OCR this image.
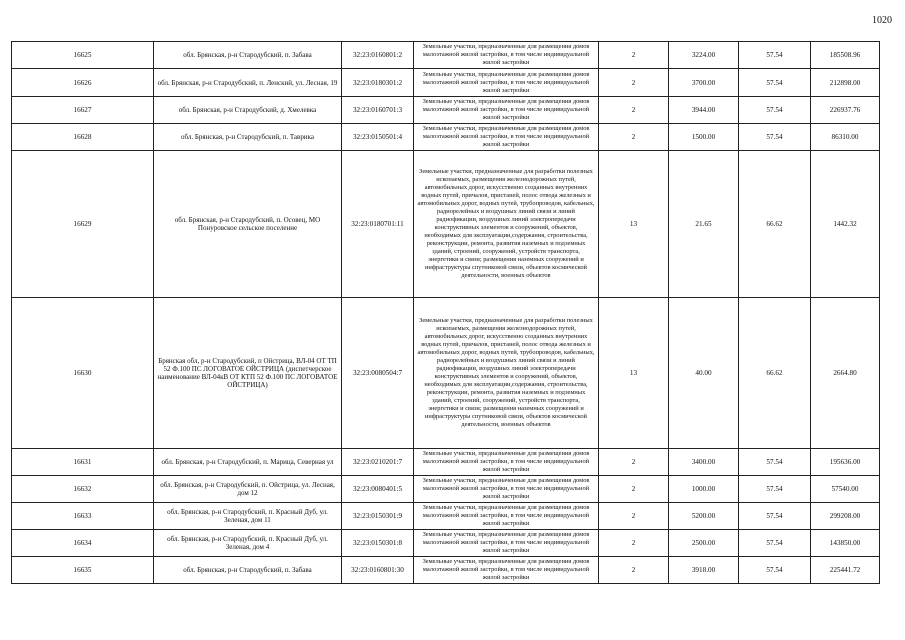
1020
16625	обл. Брянская, р-н Стародубский, п. Забава	32:23:0160801:2	Земельные участки, предназначенные для размещения домов малоэтажной жилой застройки, в том числе индивидуальной жилой застройки	2	3224.00	57.54	185508.96
16626	обл. Брянская, р-н Стародубский, п. Ленский, ул. Лесная, 19	32:23:0180301:2	Земельные участки, предназначенные для размещения домов малоэтажной жилой застройки, в том числе индивидуальной жилой застройки	2	3700.00	57.54	212898.00
16627	обл. Брянская, р-н Стародубский, д. Хмелевка	32:23:0160701:3	Земельные участки, предназначенные для размещения домов малоэтажной жилой застройки, в том числе индивидуальной жилой застройки	2	3944.00	57.54	226937.76
16628	обл. Брянская, р-н Стародубский, п. Таврика	32:23:0150501:4	Земельные участки, предназначенные для размещения домов малоэтажной жилой застройки, в том числе индивидуальной жилой застройки	2	1500.00	57.54	86310.00
16629	обл. Брянская, р-н Стародубский, п. Осовец, МО Понуровское сельское поселение	32:23:0180701:11	Земельные участки, предназначенные для разработки полезных ископаемых, размещения железнодорожных путей, автомобильных дорог, искусственно созданных внутренних водных путей, причалов, пристаней, полос отвода железных и автомобильных дорог, водных путей, трубопроводов, кабельных, радиорелейных и воздушных линий связи и линий радиофикации, воздушных линий электропередачи конструктивных элементов и сооружений, объектов, необходимых для эксплуатации,содержания, строительства, реконструкции, ремонта, развития наземных и подземных зданий, строений, сооружений, устройств транспорта, энергетики и связи; размещения наземных сооружений и инфраструктуры спутниковой связи, объектов космической деятельности, военных объектов	13	21.65	66.62	1442.32
16630	Брянская обл, р-н Стародубский, п Ойстрица, ВЛ-04 ОТ ТП 52 Ф.100 ПС ЛОГОВАТОЕ ОЙСТРИЦА (диспетчерское наименование ВЛ-04кВ ОТ КТП 52 Ф.100 ПС ЛОГОВАТОЕ ОЙСТРИЦА)	32:23:0080504:7	Земельные участки, предназначенные для разработки полезных ископаемых, размещения железнодорожных путей, автомобильных дорог, искусственно созданных внутренних водных путей, причалов, пристаней, полос отвода железных и автомобильных дорог, водных путей, трубопроводов, кабельных, радиорелейных и воздушных линий связи и линий радиофикации, воздушных линий электропередачи конструктивных элементов и сооружений, объектов, необходимых для эксплуатации,содержания, строительства, реконструкции, ремонта, развития наземных и подземных зданий, строений, сооружений, устройств транспорта, энергетики и связи; размещения наземных сооружений и инфраструктуры спутниковой связи, объектов космической деятельности, военных объектов	13	40.00	66.62	2664.80
16631	обл. Брянская, р-н Стародубский, п. Марица, Северная ул	32:23:0210201:7	Земельные участки, предназначенные для размещения домов малоэтажной жилой застройки, в том числе индивидуальной жилой застройки	2	3400.00	57.54	195636.00
16632	обл. Брянская, р-н Стародубский, п. Ойстрица, ул. Лесная, дом 12	32:23:0080401:5	Земельные участки, предназначенные для размещения домов малоэтажной жилой застройки, в том числе индивидуальной жилой застройки	2	1000.00	57.54	57540.00
16633	обл. Брянская, р-н Стародубский, п. Красный Дуб, ул. Зеленая, дом 11	32:23:0150301:9	Земельные участки, предназначенные для размещения домов малоэтажной жилой застройки, в том числе индивидуальной жилой застройки	2	5200.00	57.54	299208.00
16634	обл. Брянская, р-н Стародубский, п. Красный Дуб, ул. Зеленая, дом 4	32:23:0150301:8	Земельные участки, предназначенные для размещения домов малоэтажной жилой застройки, в том числе индивидуальной жилой застройки	2	2500.00	57.54	143850.00
16635	обл. Брянская, р-н Стародубский, п. Забава	32:23:0160801:30	Земельные участки, предназначенные для размещения домов малоэтажной жилой застройки, в том числе индивидуальной жилой застройки	2	3918.00	57.54	225441.72
